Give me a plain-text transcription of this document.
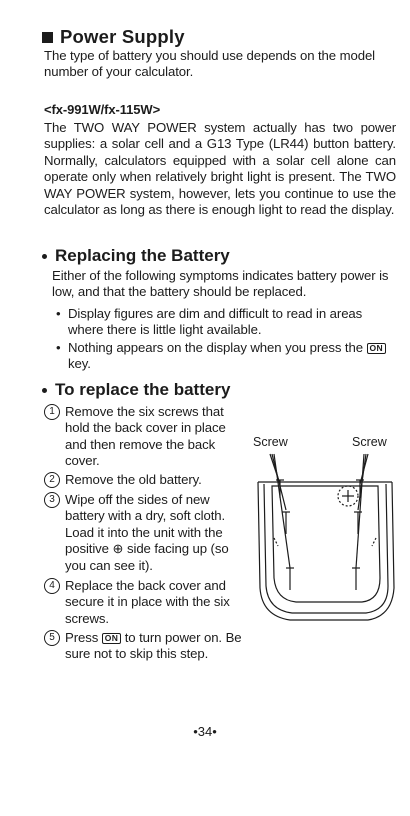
Power Supply
The type of battery you should use depends on the model number of your calculator.
<fx-991W/fx-115W>
The TWO WAY POWER system actually has two power supplies: a solar cell and a G13 Type (LR44) button battery. Normally, calculators equipped with a solar cell alone can operate only when relatively bright light is present. The TWO WAY POWER system, however, lets you continue to use the calculator as long as there is enough light to read the display.
Replacing the Battery
Either of the following symptoms indicates battery power is low, and that the battery should be replaced.
• Display figures are dim and difficult to read in areas where there is little light available.
• Nothing appears on the display when you press the ON key.
To replace the battery
1 Remove the six screws that hold the back cover in place and then remove the back cover.
2 Remove the old battery.
3 Wipe off the sides of new battery with a dry, soft cloth. Load it into the unit with the positive ⊕ side facing up (so you can see it).
4 Replace the back cover and secure it in place with the six screws.
5 Press ON to turn power on. Be sure not to skip this step.
Screw	Screw
•34•
